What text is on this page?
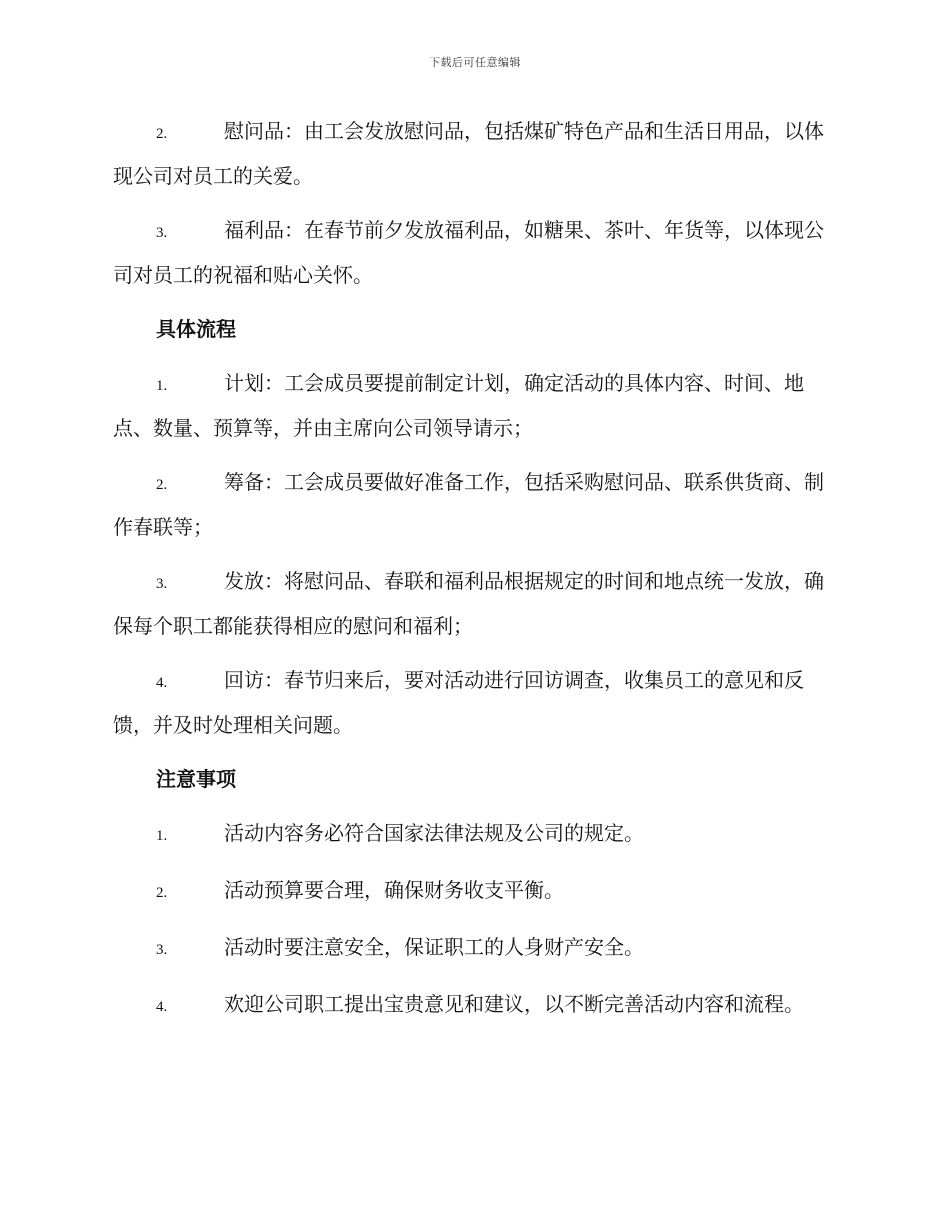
下载后可任意编辑
2.	慰问品：由工会发放慰问品，包括煤矿特色产品和生活日用品，以体现公司对员工的关爱。
3.	福利品：在春节前夕发放福利品，如糖果、茶叶、年货等，以体现公司对员工的祝福和贴心关怀。
具体流程
1.	计划：工会成员要提前制定计划，确定活动的具体内容、时间、地点、数量、预算等，并由主席向公司领导请示；
2.	筹备：工会成员要做好准备工作，包括采购慰问品、联系供货商、制作春联等；
3.	发放：将慰问品、春联和福利品根据规定的时间和地点统一发放，确保每个职工都能获得相应的慰问和福利；
4.	回访：春节归来后，要对活动进行回访调查，收集员工的意见和反馈，并及时处理相关问题。
注意事项
1.	活动内容务必符合国家法律法规及公司的规定。
2.	活动预算要合理，确保财务收支平衡。
3.	活动时要注意安全，保证职工的人身财产安全。
4.	欢迎公司职工提出宝贵意见和建议，以不断完善活动内容和流程。
